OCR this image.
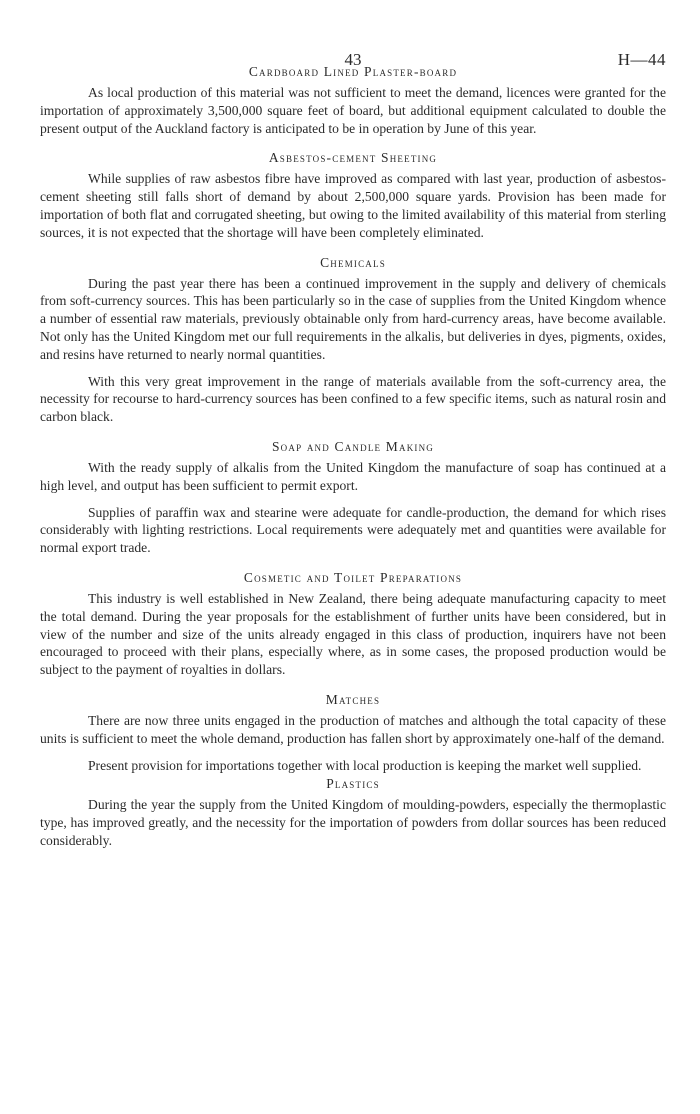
43	H—44
Cardboard Lined Plaster-board

As local production of this material was not sufficient to meet the demand, licences were granted for the importation of approximately 3,500,000 square feet of board, but additional equipment calculated to double the present output of the Auckland factory is anticipated to be in operation by June of this year.

Asbestos-cement Sheeting

While supplies of raw asbestos fibre have improved as compared with last year, production of asbestos-cement sheeting still falls short of demand by about 2,500,000 square yards. Provision has been made for importation of both flat and corrugated sheeting, but owing to the limited availability of this material from sterling sources, it is not expected that the shortage will have been completely eliminated.

Chemicals

During the past year there has been a continued improvement in the supply and delivery of chemicals from soft-currency sources. This has been particularly so in the case of supplies from the United Kingdom whence a number of essential raw materials, previously obtainable only from hard-currency areas, have become available. Not only has the United Kingdom met our full requirements in the alkalis, but deliveries in dyes, pigments, oxides, and resins have returned to nearly normal quantities.

With this very great improvement in the range of materials available from the soft-currency area, the necessity for recourse to hard-currency sources has been confined to a few specific items, such as natural rosin and carbon black.

Soap and Candle Making

With the ready supply of alkalis from the United Kingdom the manufacture of soap has continued at a high level, and output has been sufficient to permit export.

Supplies of paraffin wax and stearine were adequate for candle-production, the demand for which rises considerably with lighting restrictions. Local requirements were adequately met and quantities were available for normal export trade.

Cosmetic and Toilet Preparations

This industry is well established in New Zealand, there being adequate manufacturing capacity to meet the total demand. During the year proposals for the establishment of further units have been considered, but in view of the number and size of the units already engaged in this class of production, inquirers have not been encouraged to proceed with their plans, especially where, as in some cases, the proposed production would be subject to the payment of royalties in dollars.

Matches

There are now three units engaged in the production of matches and although the total capacity of these units is sufficient to meet the whole demand, production has fallen short by approximately one-half of the demand.

Present provision for importations together with local production is keeping the market well supplied.

Plastics

During the year the supply from the United Kingdom of moulding-powders, especially the thermoplastic type, has improved greatly, and the necessity for the importation of powders from dollar sources has been reduced considerably.
